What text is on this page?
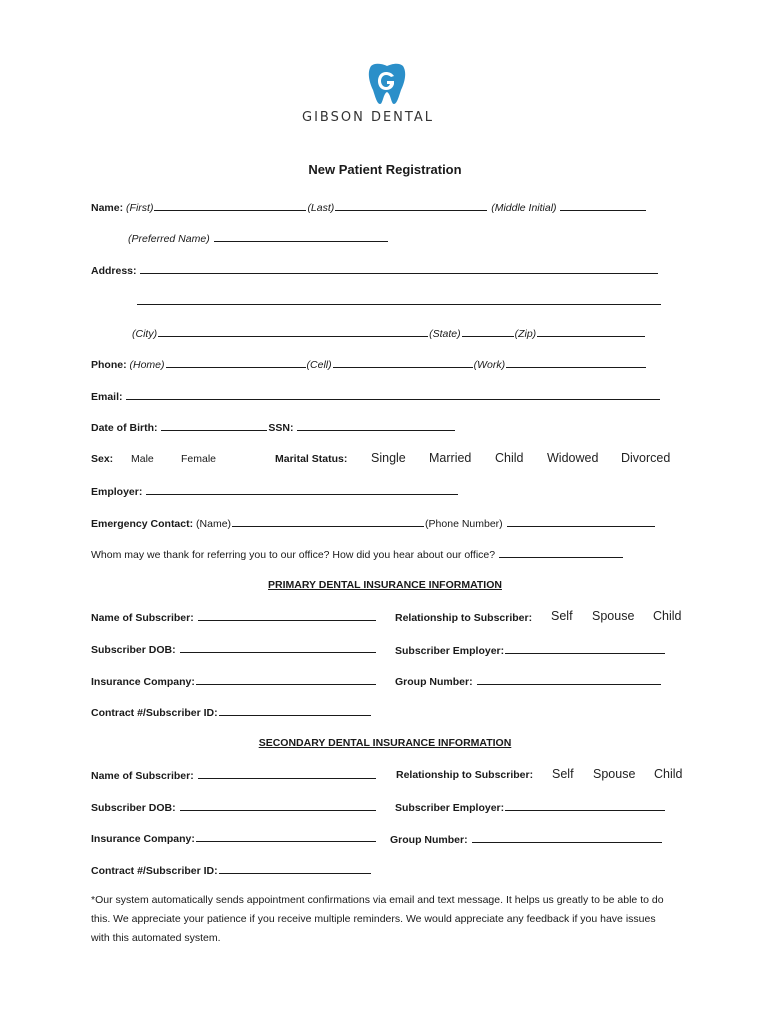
GIBSON DENTAL
New Patient Registration
Name: (First)	(Last)	(Middle Initial)
(Preferred Name)
Address:
(City)	(State)	(Zip)
Phone: (Home)	(Cell)	(Work)
Email:
Date of Birth:	SSN:
Sex: Male	Female	Marital Status: Single Married Child Widowed Divorced
Employer:
Emergency Contact: (Name)	(Phone Number)
Whom may we thank for referring you to our office? How did you hear about our office?
PRIMARY DENTAL INSURANCE INFORMATION
Name of Subscriber:	Relationship to Subscriber: Self Spouse Child
Subscriber DOB:	Subscriber Employer:
Insurance Company:	Group Number:
Contract #/Subscriber ID:
SECONDARY DENTAL INSURANCE INFORMATION
Name of Subscriber:	Relationship to Subscriber: Self Spouse Child
Subscriber DOB:	Subscriber Employer:
Insurance Company:	Group Number:
Contract #/Subscriber ID:
*Our system automatically sends appointment confirmations via email and text message. It helps us greatly to be able to do this. We appreciate your patience if you receive multiple reminders. We would appreciate any feedback if you have issues with this automated system.
